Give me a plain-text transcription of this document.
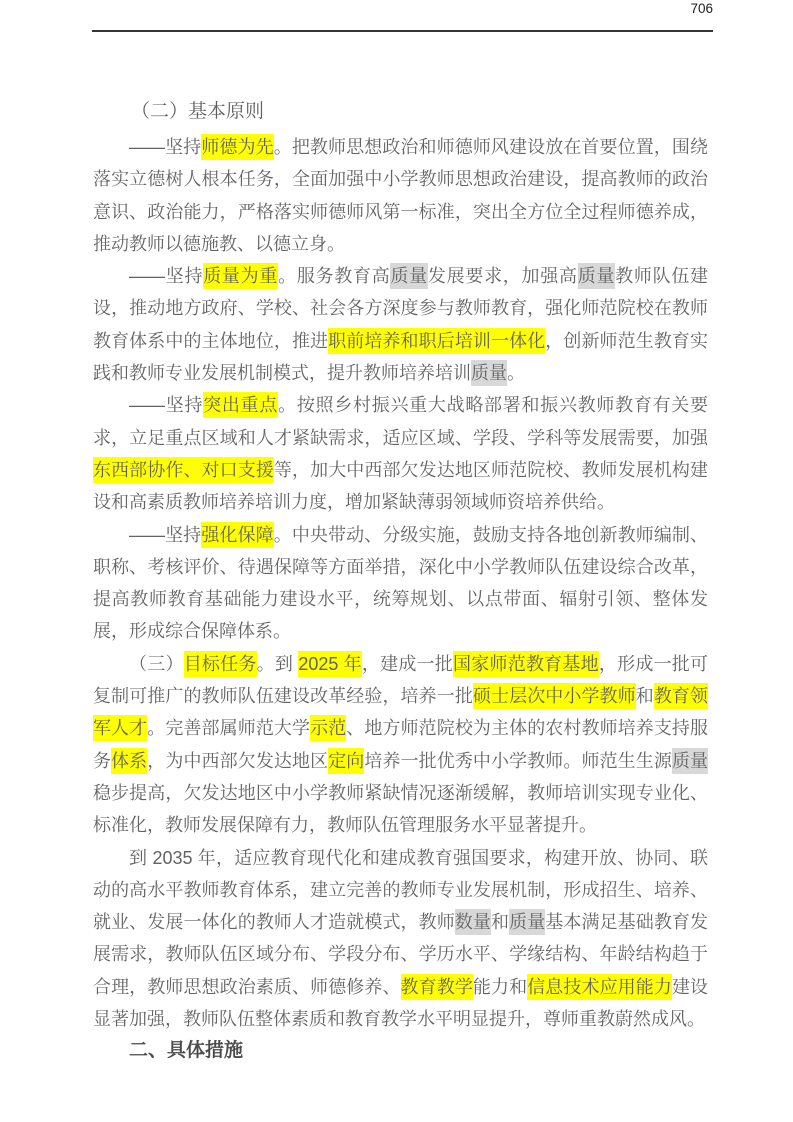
706
（二）基本原则
——坚持师德为先。把教师思想政治和师德师风建设放在首要位置，围绕
落实立德树人根本任务，全面加强中小学教师思想政治建设，提高教师的政治
意识、政治能力，严格落实师德师风第一标准，突出全方位全过程师德养成，
推动教师以德施教、以德立身。
——坚持质量为重。服务教育高质量发展要求，加强高质量教师队伍建
设，推动地方政府、学校、社会各方深度参与教师教育，强化师范院校在教师
教育体系中的主体地位，推进职前培养和职后培训一体化，创新师范生教育实
践和教师专业发展机制模式，提升教师培养培训质量。
——坚持突出重点。按照乡村振兴重大战略部署和振兴教师教育有关要
求，立足重点区域和人才紧缺需求，适应区域、学段、学科等发展需要，加强
东西部协作、对口支援等，加大中西部欠发达地区师范院校、教师发展机构建
设和高素质教师培养培训力度，增加紧缺薄弱领域师资培养供给。
——坚持强化保障。中央带动、分级实施，鼓励支持各地创新教师编制、
职称、考核评价、待遇保障等方面举措，深化中小学教师队伍建设综合改革，
提高教师教育基础能力建设水平，统筹规划、以点带面、辐射引领、整体发
展，形成综合保障体系。
（三）目标任务。到 2025 年，建成一批国家师范教育基地，形成一批可
复制可推广的教师队伍建设改革经验，培养一批硕士层次中小学教师和教育领
军人才。完善部属师范大学示范、地方师范院校为主体的农村教师培养支持服
务体系，为中西部欠发达地区定向培养一批优秀中小学教师。师范生生源质量
稳步提高，欠发达地区中小学教师紧缺情况逐渐缓解，教师培训实现专业化、
标准化，教师发展保障有力，教师队伍管理服务水平显著提升。
到 2035 年，适应教育现代化和建成教育强国要求，构建开放、协同、联
动的高水平教师教育体系，建立完善的教师专业发展机制，形成招生、培养、
就业、发展一体化的教师人才造就模式，教师数量和质量基本满足基础教育发
展需求，教师队伍区域分布、学段分布、学历水平、学缘结构、年龄结构趋于
合理，教师思想政治素质、师德修养、教育教学能力和信息技术应用能力建设
显著加强，教师队伍整体素质和教育教学水平明显提升，尊师重教蔚然成风。
二、具体措施
